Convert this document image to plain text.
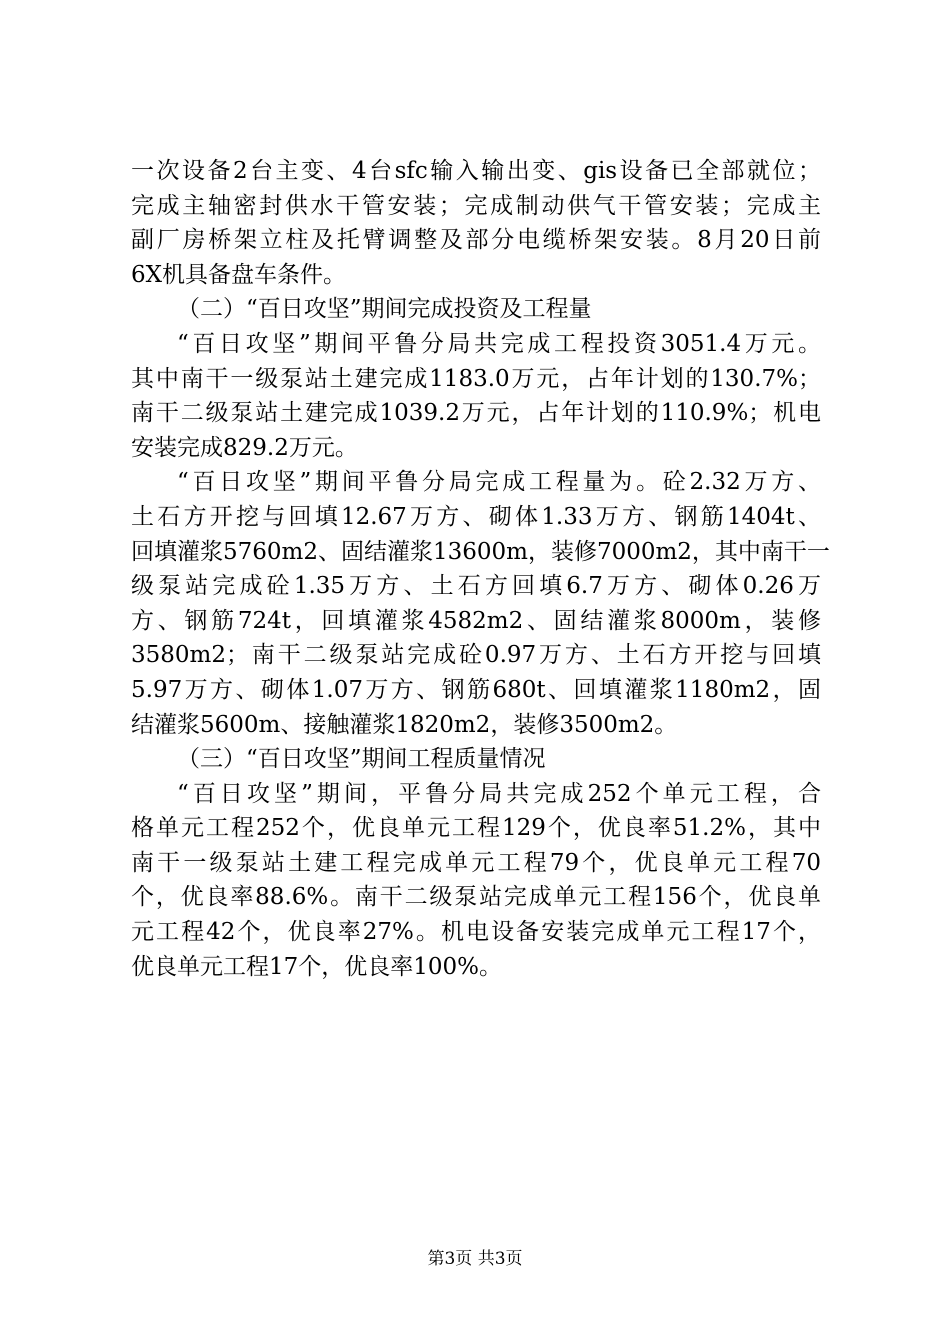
一次设备2台主变、4台sfc输入输出变、gis设备已全部就位；
完成主轴密封供水干管安装；完成制动供气干管安装；完成主
副厂房桥架立柱及托臂调整及部分电缆桥架安装。8月20日前
6X机具备盘车条件。
（二）“百日攻坚”期间完成投资及工程量
“百日攻坚”期间平鲁分局共完成工程投资3051.4万元。
其中南干一级泵站土建完成1183.0万元，占年计划的130.7%；
南干二级泵站土建完成1039.2万元，占年计划的110.9%；机电
安装完成829.2万元。
“百日攻坚”期间平鲁分局完成工程量为。砼2.32万方、
土石方开挖与回填12.67万方、砌体1.33万方、钢筋1404t、
回填灌浆5760m2、固结灌浆13600m，装修7000m2，其中南干一
级泵站完成砼1.35万方、土石方回填6.7万方、砌体0.26万
方、钢筋724t，回填灌浆4582m2、固结灌浆8000m，装修
3580m2；南干二级泵站完成砼0.97万方、土石方开挖与回填
5.97万方、砌体1.07万方、钢筋680t、回填灌浆1180m2，固
结灌浆5600m、接触灌浆1820m2，装修3500m2。
（三）“百日攻坚”期间工程质量情况
“百日攻坚”期间，平鲁分局共完成252个单元工程，合
格单元工程252个，优良单元工程129个，优良率51.2%，其中
南干一级泵站土建工程完成单元工程79个，优良单元工程70
个，优良率88.6%。南干二级泵站完成单元工程156个，优良单
元工程42个，优良率27%。机电设备安装完成单元工程17个，
优良单元工程17个，优良率100%。
第3页 共3页
